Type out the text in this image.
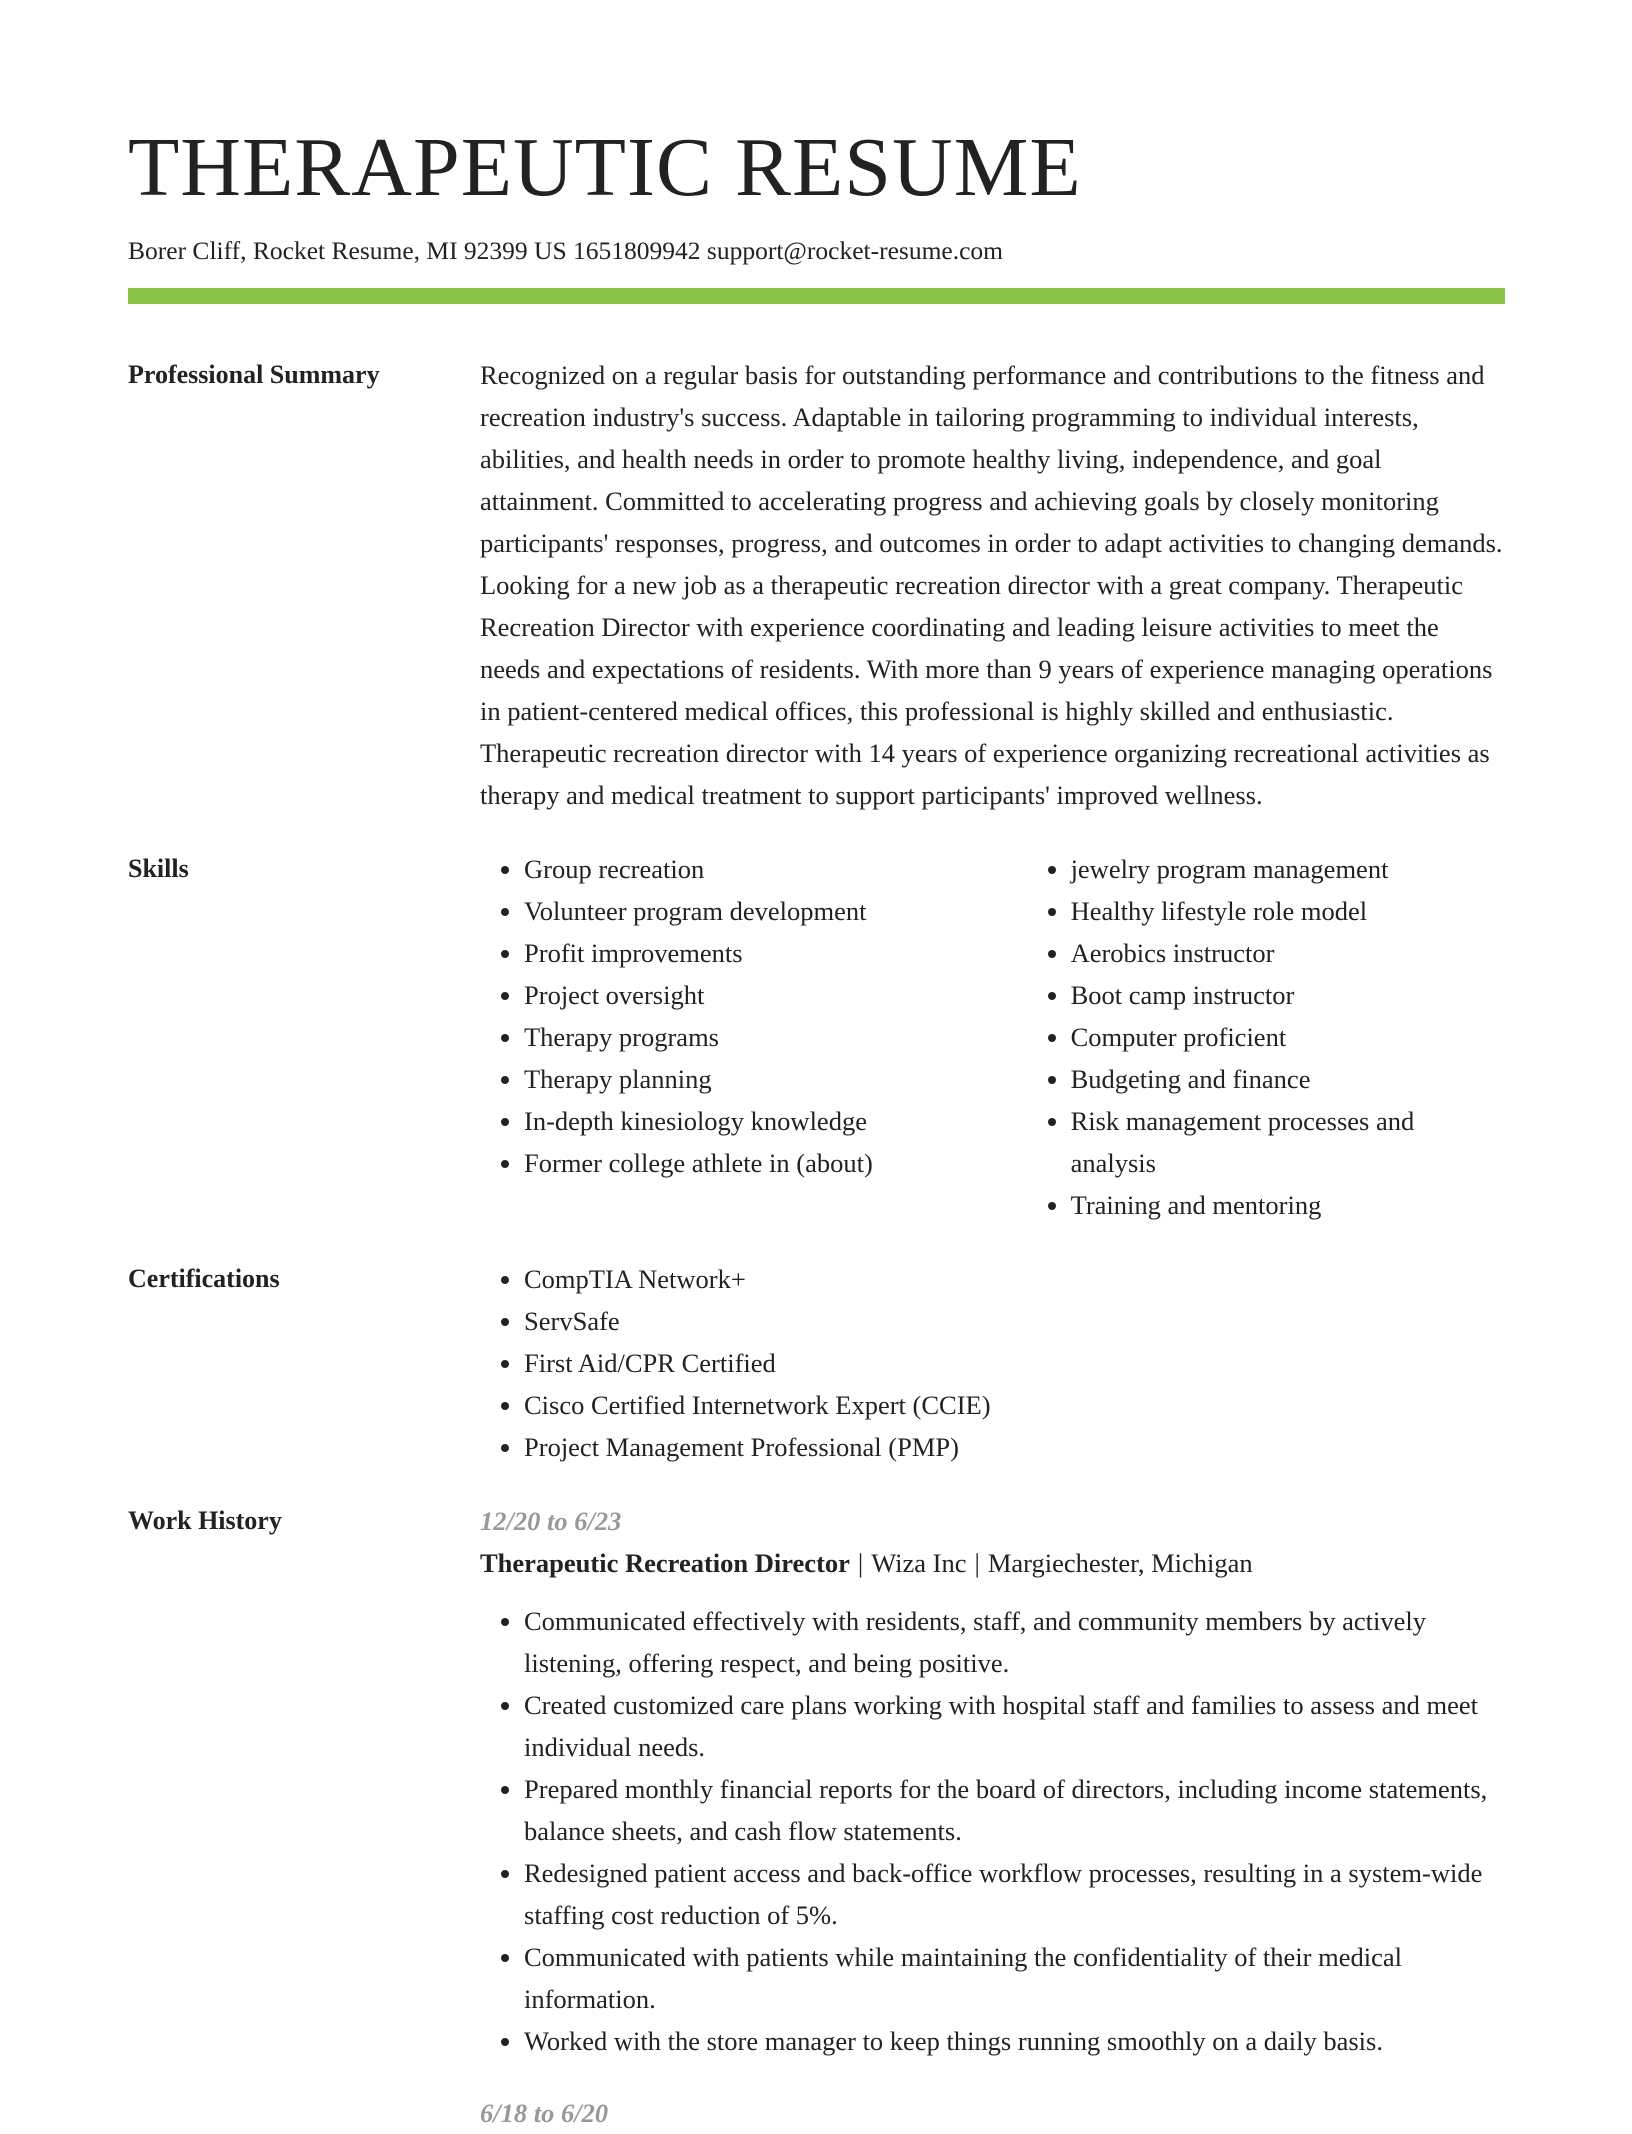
THERAPEUTIC RESUME
Borer Cliff, Rocket Resume, MI 92399 US 1651809942 support@rocket-resume.com
Professional Summary	Recognized on a regular basis for outstanding performance and contributions to the fitness and recreation industry's success. Adaptable in tailoring programming to individual interests, abilities, and health needs in order to promote healthy living, independence, and goal attainment. Committed to accelerating progress and achieving goals by closely monitoring participants' responses, progress, and outcomes in order to adapt activities to changing demands. Looking for a new job as a therapeutic recreation director with a great company. Therapeutic Recreation Director with experience coordinating and leading leisure activities to meet the needs and expectations of residents. With more than 9 years of experience managing operations in patient-centered medical offices, this professional is highly skilled and enthusiastic. Therapeutic recreation director with 14 years of experience organizing recreational activities as therapy and medical treatment to support participants' improved wellness.
Skills	• Group recreation
• Volunteer program development
• Profit improvements
• Project oversight
• Therapy programs
• Therapy planning
• In-depth kinesiology knowledge
• Former college athlete in (about)
• jewelry program management
• Healthy lifestyle role model
• Aerobics instructor
• Boot camp instructor
• Computer proficient
• Budgeting and finance
• Risk management processes and analysis
• Training and mentoring
Certifications	• CompTIA Network+
• ServSafe
• First Aid/CPR Certified
• Cisco Certified Internetwork Expert (CCIE)
• Project Management Professional (PMP)
Work History	12/20 to 6/23
Therapeutic Recreation Director | Wiza Inc | Margiechester, Michigan
• Communicated effectively with residents, staff, and community members by actively listening, offering respect, and being positive.
• Created customized care plans working with hospital staff and families to assess and meet individual needs.
• Prepared monthly financial reports for the board of directors, including income statements, balance sheets, and cash flow statements.
• Redesigned patient access and back-office workflow processes, resulting in a system-wide staffing cost reduction of 5%.
• Communicated with patients while maintaining the confidentiality of their medical information.
• Worked with the store manager to keep things running smoothly on a daily basis.
6/18 to 6/20
